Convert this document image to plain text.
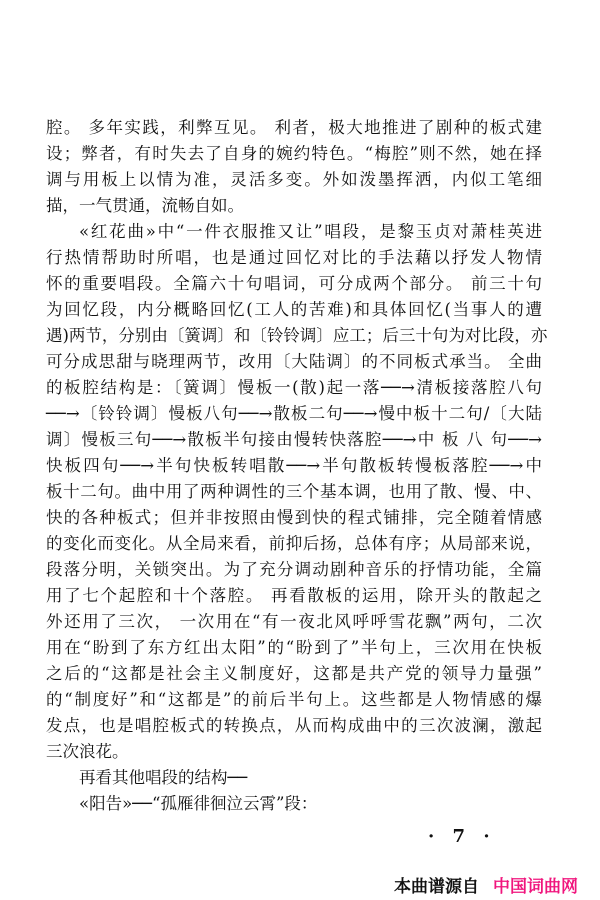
腔。 多年实践，利弊互见。 利者，极大地推进了剧种的板式建
设；弊者，有时失去了自身的婉约特色。“梅腔”则不然，她在择
调与用板上以情为准，灵活多变。外如泼墨挥洒，内似工笔细
描，一气贯通，流畅自如。
«红花曲»中“一件衣服推又让”唱段，是黎玉贞对萧桂英进
行热情帮助时所唱，也是通过回忆对比的手法藉以抒发人物情
怀的重要唱段。全篇六十句唱词，可分成两个部分。 前三十句
为回忆段，内分概略回忆(工人的苦难)和具体回忆(当事人的遭
遇)两节，分别由〔簧调〕和〔铃铃调〕应工；后三十句为对比段，亦
可分成思甜与晓理两节，改用〔大陆调〕的不同板式承当。 全曲
的板腔结构是：〔簧调〕慢板一(散)起一落──→清板接落腔八句
──→〔铃铃调〕慢板八句──→散板二句──→慢中板十二句/〔大陆
调〕慢板三句──→散板半句接由慢转快落腔──→中 板 八 句──→
快板四句──→半句快板转唱散──→半句散板转慢板落腔──→中
板十二句。曲中用了两种调性的三个基本调，也用了散、慢、中、
快的各种板式；但并非按照由慢到快的程式铺排，完全随着情感
的变化而变化。从全局来看，前抑后扬，总体有序；从局部来说，
段落分明，关锁突出。为了充分调动剧种音乐的抒情功能，全篇
用了七个起腔和十个落腔。 再看散板的运用，除开头的散起之
外还用了三次， 一次用在“有一夜北风呼呼雪花飘”两句，二次
用在“盼到了东方红出太阳”的“盼到了”半句上，三次用在快板
之后的“这都是社会主义制度好，这都是共产党的领导力量强”
的“制度好”和“这都是”的前后半句上。这些都是人物情感的爆
发点，也是唱腔板式的转换点，从而构成曲中的三次波澜，激起
三次浪花。
再看其他唱段的结构──
«阳告»──“孤雁徘徊泣云霄”段：
· 7 ·
本曲谱源自 中国词曲网
